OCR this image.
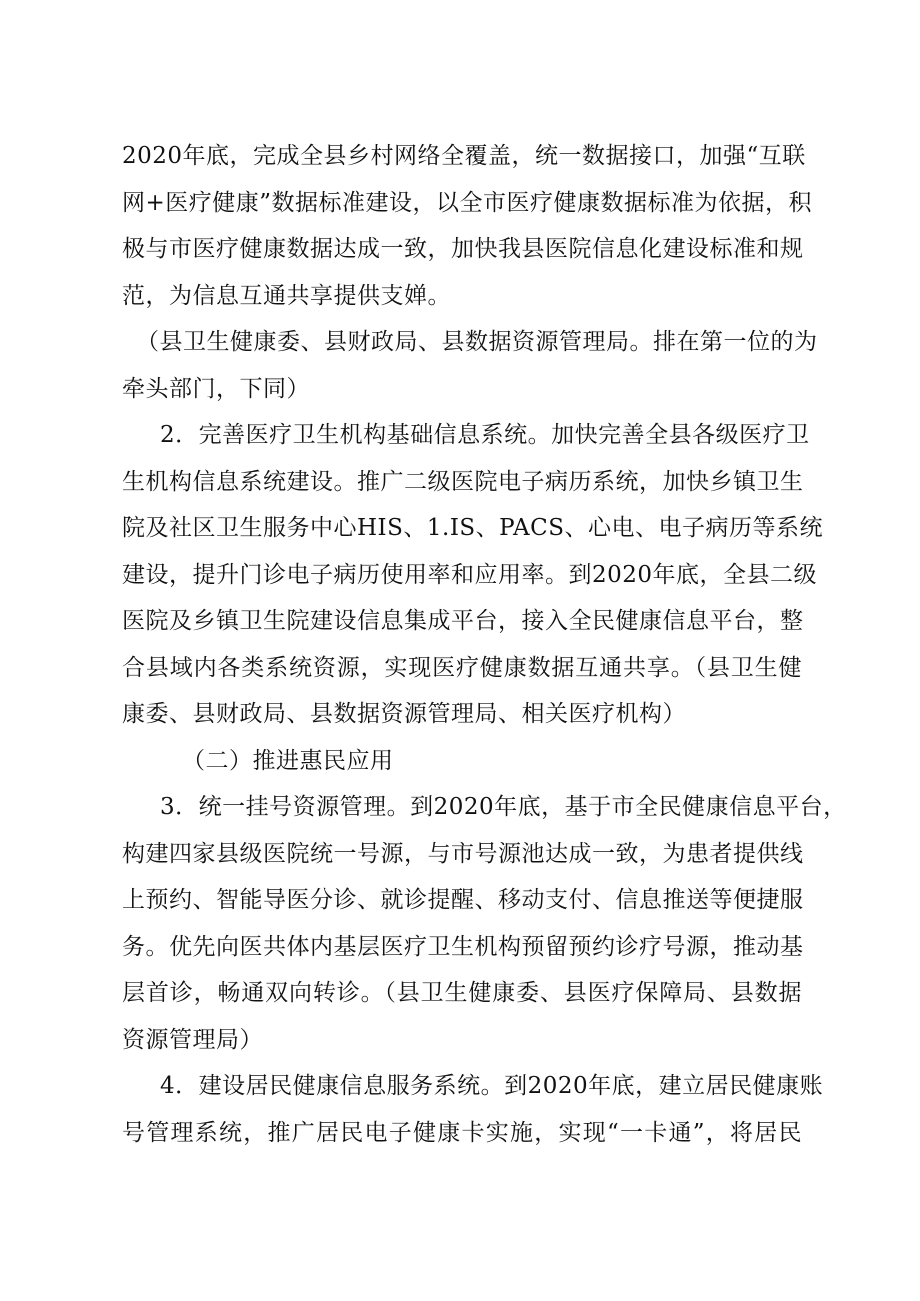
2020年底，完成全县乡村网络全覆盖，统一数据接口，加强“互联
网+医疗健康”数据标准建设，以全市医疗健康数据标准为依据，积
极与市医疗健康数据达成一致，加快我县医院信息化建设标准和规
范，为信息互通共享提供支婵。
（县卫生健康委、县财政局、县数据资源管理局。排在第一位的为
牵头部门，下同）
2．完善医疗卫生机构基础信息系统。加快完善全县各级医疗卫
生机构信息系统建设。推广二级医院电子病历系统，加快乡镇卫生
院及社区卫生服务中心HIS、1.IS、PACS、心电、电子病历等系统
建设，提升门诊电子病历使用率和应用率。到2020年底，全县二级
医院及乡镇卫生院建设信息集成平台，接入全民健康信息平台，整
合县域内各类系统资源，实现医疗健康数据互通共享。（县卫生健
康委、县财政局、县数据资源管理局、相关医疗机构）
（二）推进惠民应用
3．统一挂号资源管理。到2020年底，基于市全民健康信息平台，
构建四家县级医院统一号源，与市号源池达成一致，为患者提供线
上预约、智能导医分诊、就诊提醒、移动支付、信息推送等便捷服
务。优先向医共体内基层医疗卫生机构预留预约诊疗号源，推动基
层首诊，畅通双向转诊。（县卫生健康委、县医疗保障局、县数据
资源管理局）
4．建设居民健康信息服务系统。到2020年底，建立居民健康账
号管理系统，推广居民电子健康卡实施，实现“一卡通”，将居民
